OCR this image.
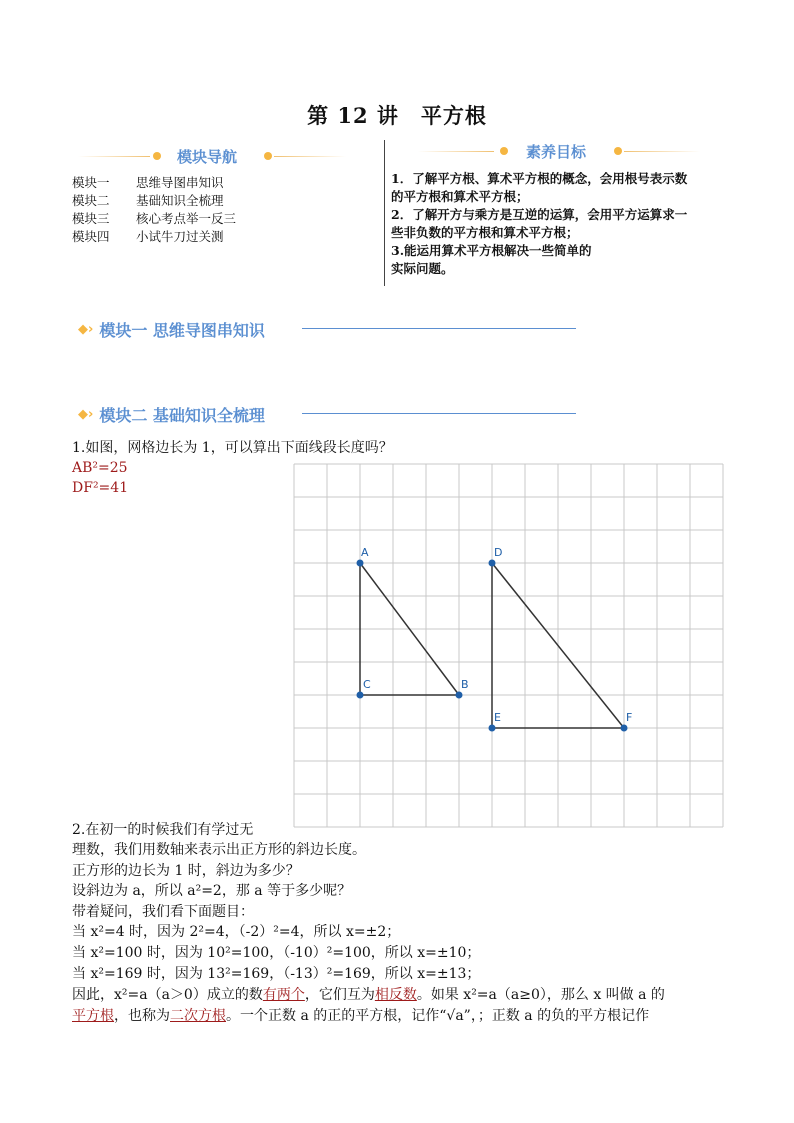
第 12 讲　平方根
模块导航
模块一	思维导图串知识
模块二	基础知识全梳理
模块三	核心考点举一反三
模块四	小试牛刀过关测
素养目标
1．了解平方根、算术平方根的概念，会用根号表示数
的平方根和算术平方根；
2．了解开方与乘方是互逆的运算，会用平方运算求一
些非负数的平方根和算术平方根；
3.能运用算术平方根解决一些简单的
实际问题。
◆› 模块一 思维导图串知识
◆› 模块二 基础知识全梳理
1.如图，网格边长为 1，可以算出下面线段长度吗？
AB²=25
DF²=41
A
C	B
D
E	F
2.在初一的时候我们有学过无
理数，我们用数轴来表示出正方形的斜边长度。
正方形的边长为 1 时，斜边为多少？
设斜边为 a，所以 a²=2，那 a 等于多少呢？
带着疑问，我们看下面题目：
当 x²=4 时，因为 2²=4，（-2）²=4，所以 x=±2；
当 x²=100 时，因为 10²=100，（-10）²=100，所以 x=±10；
当 x²=169 时，因为 13²=169，（-13）²=169，所以 x=±13；
因此，x²=a（a＞0）成立的数有两个，它们互为相反数。如果 x²=a（a≥0），那么 x 叫做 a 的
平方根，也称为二次方根。一个正数 a 的正的平方根，记作“√a”，；正数 a 的负的平方根记作
